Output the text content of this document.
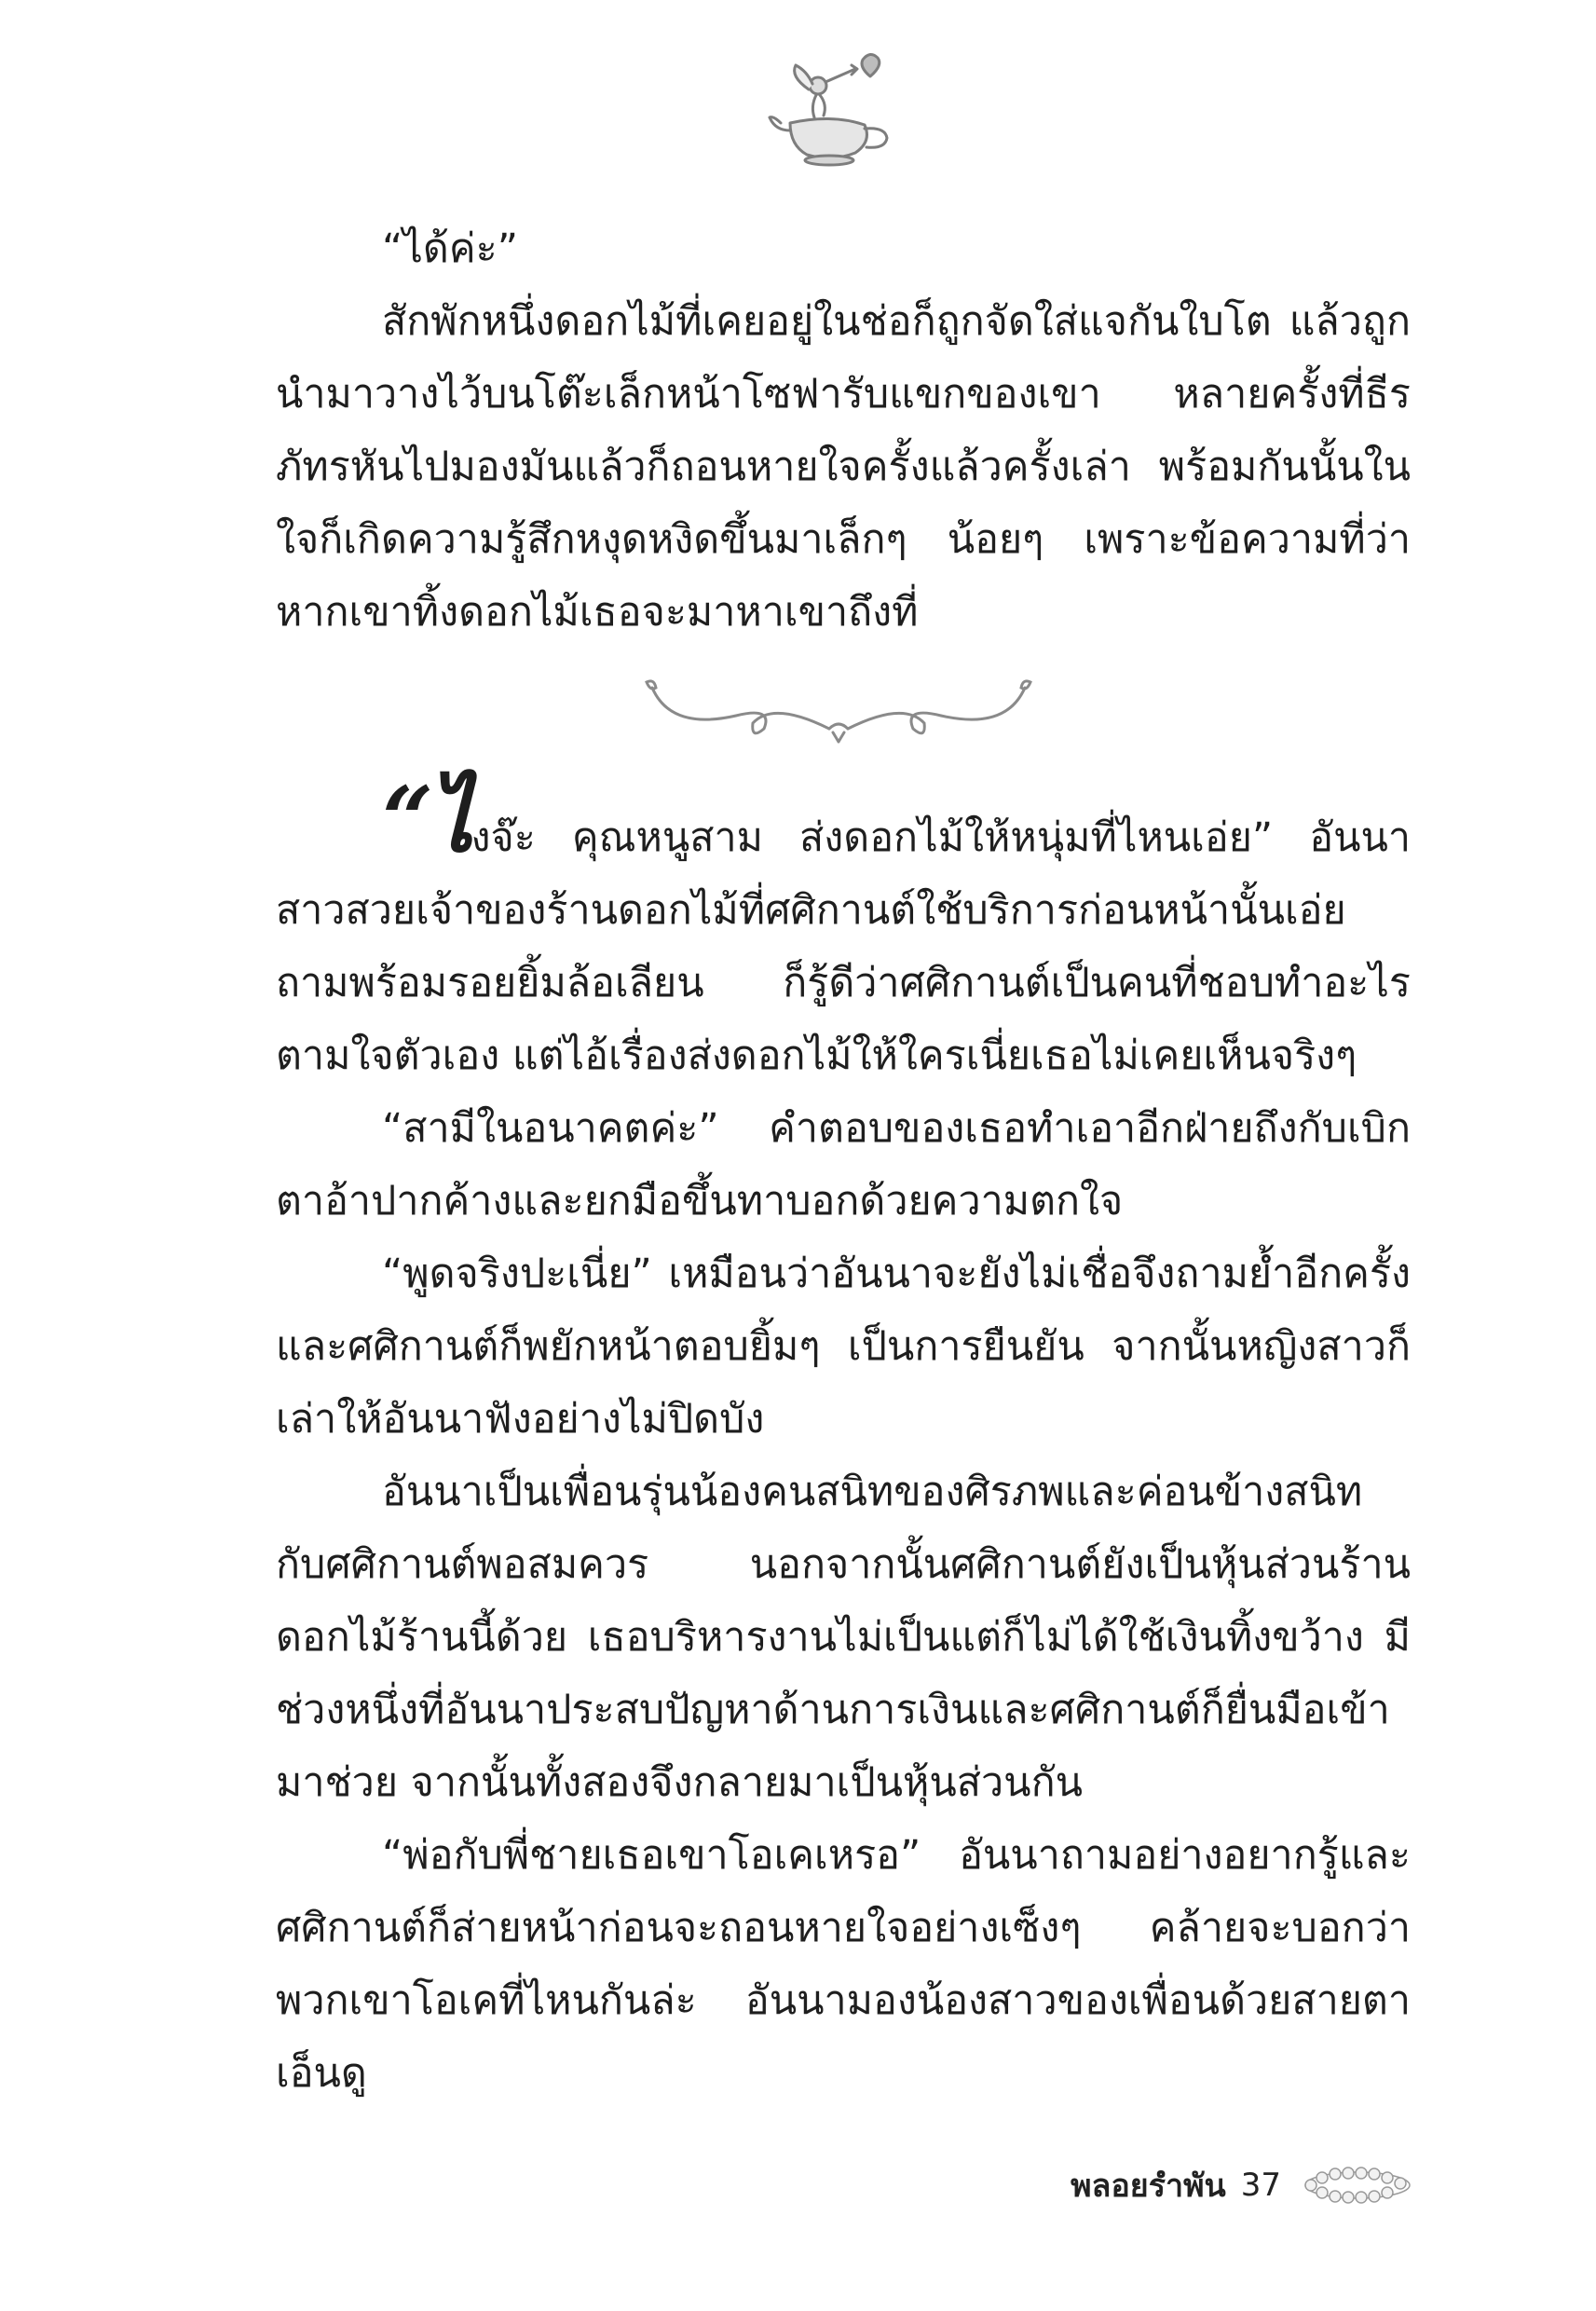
“ได้ค่ะ”

สักพักหนึ่งดอกไม้ที่เคยอยู่ในช่อก็ถูกจัดใส่แจกันใบโต แล้วถูกนำมาวางไว้บนโต๊ะเล็กหน้าโซฟารับแขกของเขา หลายครั้งที่ธีรภัทรหันไปมองมันแล้วก็ถอนหายใจครั้งแล้วครั้งเล่า พร้อมกันนั้นในใจก็เกิดความรู้สึกหงุดหงิดขึ้นมาเล็กๆ น้อยๆ เพราะข้อความที่ว่า หากเขาทิ้งดอกไม้เธอจะมาหาเขาถึงที่

“ไงจ๊ะ คุณหนูสาม ส่งดอกไม้ให้หนุ่มที่ไหนเอ่ย” อันนา สาวสวยเจ้าของร้านดอกไม้ที่ศศิกานต์ใช้บริการก่อนหน้านั้นเอ่ยถามพร้อมรอยยิ้มล้อเลียน ก็รู้ดีว่าศศิกานต์เป็นคนที่ชอบทำอะไรตามใจตัวเอง แต่ไอ้เรื่องส่งดอกไม้ให้ใครเนี่ยเธอไม่เคยเห็นจริงๆ

“สามีในอนาคตค่ะ” คำตอบของเธอทำเอาอีกฝ่ายถึงกับเบิกตาอ้าปากค้างและยกมือขึ้นทาบอกด้วยความตกใจ

“พูดจริงปะเนี่ย” เหมือนว่าอันนาจะยังไม่เชื่อจึงถามย้ำอีกครั้ง และศศิกานต์ก็พยักหน้าตอบยิ้มๆ เป็นการยืนยัน จากนั้นหญิงสาวก็เล่าให้อันนาฟังอย่างไม่ปิดบัง

อันนาเป็นเพื่อนรุ่นน้องคนสนิทของศิรภพและค่อนข้างสนิทกับศศิกานต์พอสมควร นอกจากนั้นศศิกานต์ยังเป็นหุ้นส่วนร้านดอกไม้ร้านนี้ด้วย เธอบริหารงานไม่เป็นแต่ก็ไม่ได้ใช้เงินทิ้งขว้าง มีช่วงหนึ่งที่อันนาประสบปัญหาด้านการเงินและศศิกานต์ก็ยื่นมือเข้ามาช่วย จากนั้นทั้งสองจึงกลายมาเป็นหุ้นส่วนกัน

“พ่อกับพี่ชายเธอเขาโอเคเหรอ” อันนาถามอย่างอยากรู้และศศิกานต์ก็ส่ายหน้าก่อนจะถอนหายใจอย่างเซ็งๆ คล้ายจะบอกว่าพวกเขาโอเคที่ไหนกันล่ะ อันนามองน้องสาวของเพื่อนด้วยสายตาเอ็นดู

พลอยรำพัน 37
